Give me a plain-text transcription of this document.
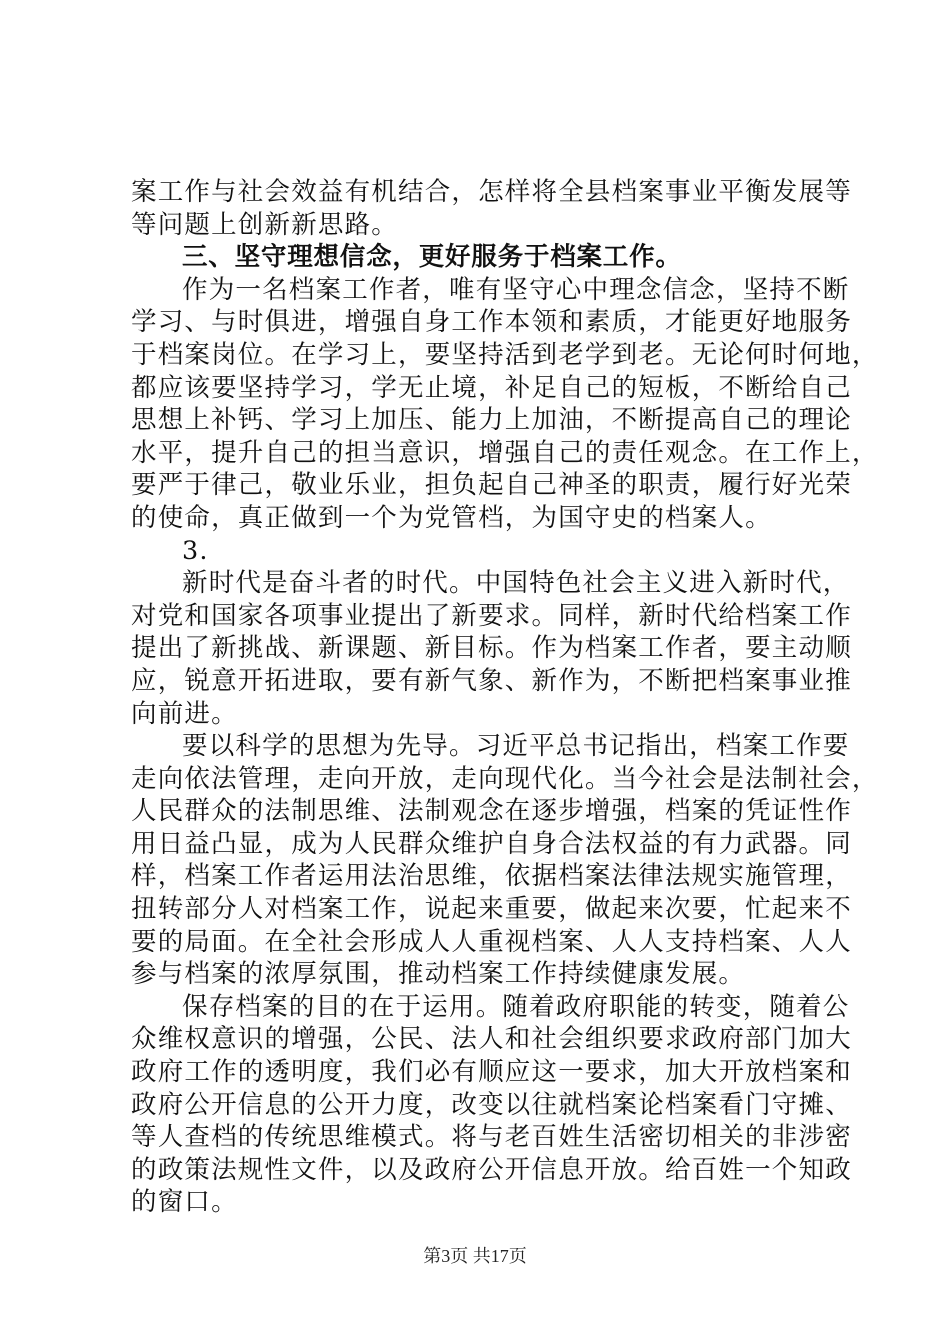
案工作与社会效益有机结合，怎样将全县档案事业平衡发展等
等问题上创新新思路。
三、坚守理想信念，更好服务于档案工作。
作为一名档案工作者，唯有坚守心中理念信念，坚持不断
学习、与时俱进，增强自身工作本领和素质，才能更好地服务
于档案岗位。在学习上，要坚持活到老学到老。无论何时何地，
都应该要坚持学习，学无止境，补足自己的短板，不断给自己
思想上补钙、学习上加压、能力上加油，不断提高自己的理论
水平，提升自己的担当意识，增强自己的责任观念。在工作上，
要严于律己，敬业乐业，担负起自己神圣的职责，履行好光荣
的使命，真正做到一个为党管档，为国守史的档案人。
3.
新时代是奋斗者的时代。中国特色社会主义进入新时代，
对党和国家各项事业提出了新要求。同样，新时代给档案工作
提出了新挑战、新课题、新目标。作为档案工作者，要主动顺
应，锐意开拓进取，要有新气象、新作为，不断把档案事业推
向前进。
要以科学的思想为先导。习近平总书记指出，档案工作要
走向依法管理，走向开放，走向现代化。当今社会是法制社会，
人民群众的法制思维、法制观念在逐步增强，档案的凭证性作
用日益凸显，成为人民群众维护自身合法权益的有力武器。同
样，档案工作者运用法治思维，依据档案法律法规实施管理，
扭转部分人对档案工作，说起来重要，做起来次要，忙起来不
要的局面。在全社会形成人人重视档案、人人支持档案、人人
参与档案的浓厚氛围，推动档案工作持续健康发展。
保存档案的目的在于运用。随着政府职能的转变，随着公
众维权意识的增强，公民、法人和社会组织要求政府部门加大
政府工作的透明度，我们必有顺应这一要求，加大开放档案和
政府公开信息的公开力度，改变以往就档案论档案看门守摊、
等人查档的传统思维模式。将与老百姓生活密切相关的非涉密
的政策法规性文件，以及政府公开信息开放。给百姓一个知政
的窗口。
第3页 共17页
